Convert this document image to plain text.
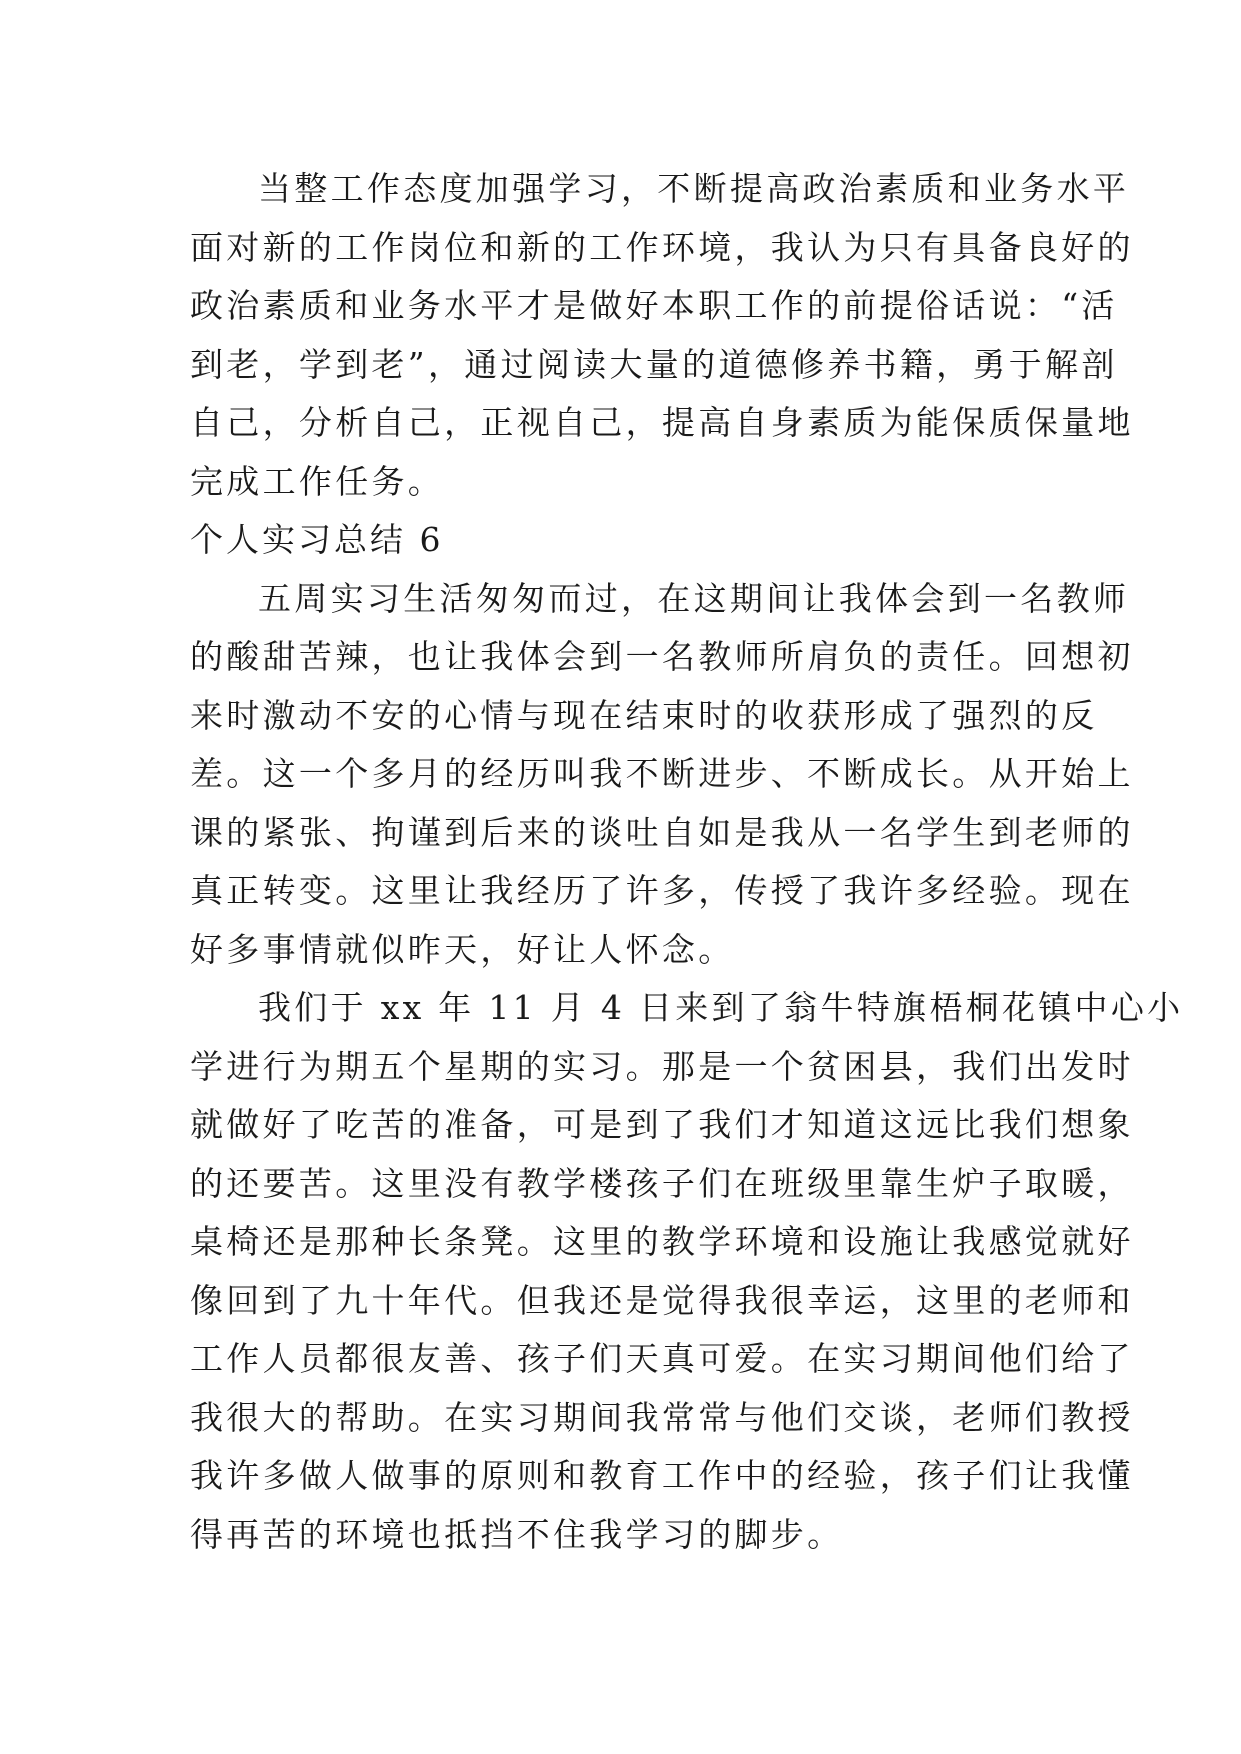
当整工作态度加强学习，不断提高政治素质和业务水平
面对新的工作岗位和新的工作环境，我认为只有具备良好的
政治素质和业务水平才是做好本职工作的前提俗话说：“活
到老，学到老”，通过阅读大量的道德修养书籍，勇于解剖
自己，分析自己，正视自己，提高自身素质为能保质保量地
完成工作任务。
个人实习总结 6
五周实习生活匆匆而过，在这期间让我体会到一名教师
的酸甜苦辣，也让我体会到一名教师所肩负的责任。回想初
来时激动不安的心情与现在结束时的收获形成了强烈的反
差。这一个多月的经历叫我不断进步、不断成长。从开始上
课的紧张、拘谨到后来的谈吐自如是我从一名学生到老师的
真正转变。这里让我经历了许多，传授了我许多经验。现在
好多事情就似昨天，好让人怀念。
我们于 xx 年 11 月 4 日来到了翁牛特旗梧桐花镇中心小
学进行为期五个星期的实习。那是一个贫困县，我们出发时
就做好了吃苦的准备，可是到了我们才知道这远比我们想象
的还要苦。这里没有教学楼孩子们在班级里靠生炉子取暖，
桌椅还是那种长条凳。这里的教学环境和设施让我感觉就好
像回到了九十年代。但我还是觉得我很幸运，这里的老师和
工作人员都很友善、孩子们天真可爱。在实习期间他们给了
我很大的帮助。在实习期间我常常与他们交谈，老师们教授
我许多做人做事的原则和教育工作中的经验，孩子们让我懂
得再苦的环境也抵挡不住我学习的脚步。
